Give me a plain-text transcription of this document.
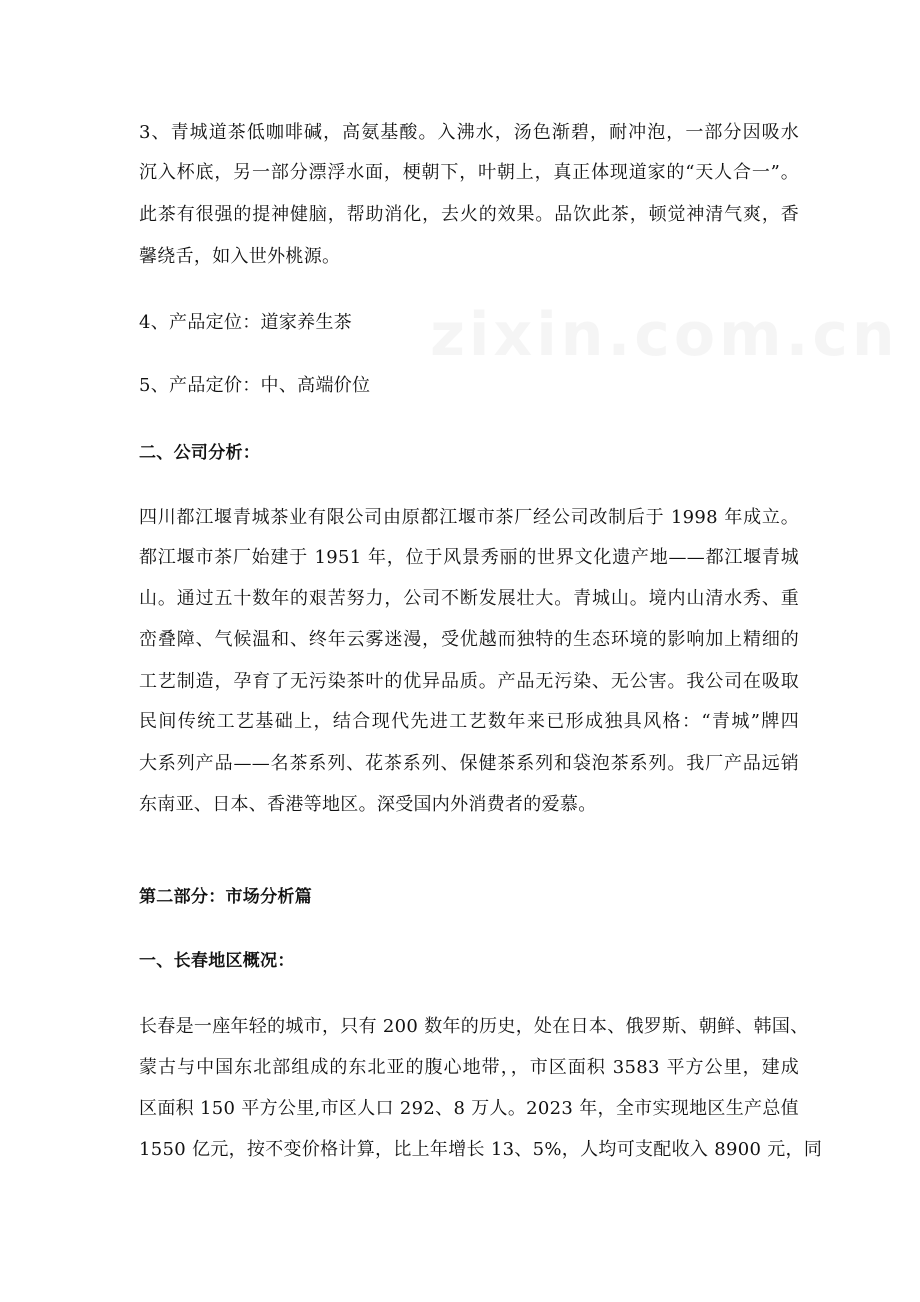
zixin.com.cn
3、青城道茶低咖啡碱，高氨基酸。入沸水，汤色渐碧，耐冲泡，一部分因吸水
沉入杯底，另一部分漂浮水面，梗朝下，叶朝上，真正体现道家的“天人合一”。
此茶有很强的提神健脑，帮助消化，去火的效果。品饮此茶，顿觉神清气爽，香
馨绕舌，如入世外桃源。
4、产品定位：道家养生茶
5、产品定价：中、高端价位
二、公司分析：
四川都江堰青城茶业有限公司由原都江堰市茶厂经公司改制后于 1998 年成立。
都江堰市茶厂始建于 1951 年，位于风景秀丽的世界文化遗产地——都江堰青城
山。通过五十数年的艰苦努力，公司不断发展壮大。青城山。境内山清水秀、重
峦叠障、气候温和、终年云雾迷漫，受优越而独特的生态环境的影响加上精细的
工艺制造，孕育了无污染茶叶的优异品质。产品无污染、无公害。我公司在吸取
民间传统工艺基础上，结合现代先进工艺数年来已形成独具风格：“青城”牌四
大系列产品——名茶系列、花茶系列、保健茶系列和袋泡茶系列。我厂产品远销
东南亚、日本、香港等地区。深受国内外消费者的爱慕。
第二部分：市场分析篇
一、长春地区概况：
长春是一座年轻的城市，只有 200 数年的历史，处在日本、俄罗斯、朝鲜、韩国、
蒙古与中国东北部组成的东北亚的腹心地带，，市区面积 3583 平方公里，建成
区面积 150 平方公里,市区人口 292、8 万人。2023 年，全市实现地区生产总值
1550 亿元，按不变价格计算，比上年增长 13、5%，人均可支配收入 8900 元，同
